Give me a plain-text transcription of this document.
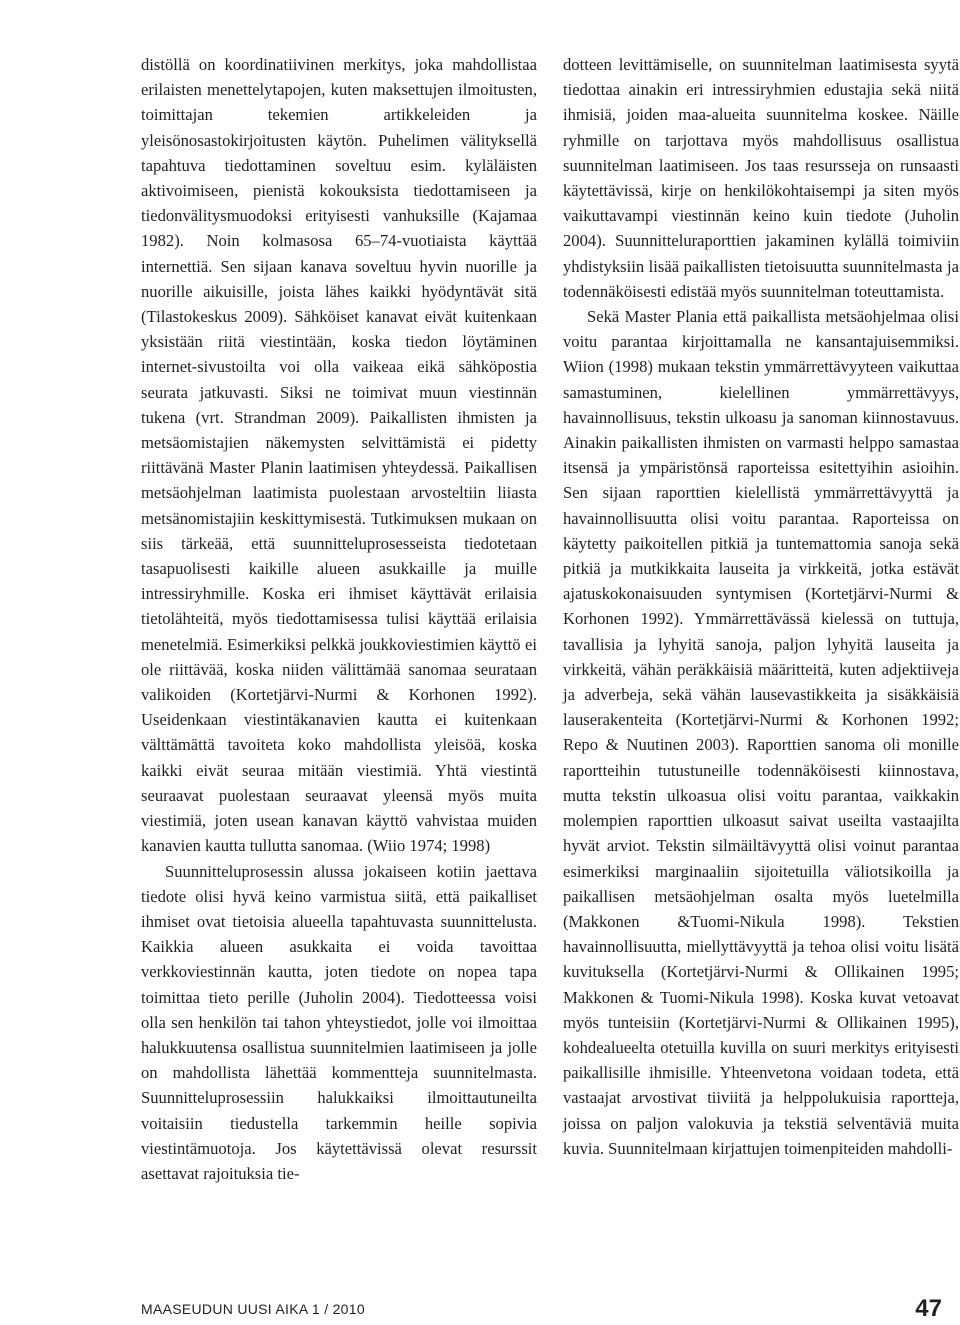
distöllä on koordinatiivinen merkitys, joka mahdollistaa erilaisten menettelytapojen, kuten maksettujen ilmoitusten, toimittajan tekemien artikkeleiden ja yleisönosastokirjoitusten käytön. Puhelimen välityksellä tapahtuva tiedottaminen soveltuu esim. kyläläisten aktivoimiseen, pienistä kokouksista tiedottamiseen ja tiedonvälitysmuodoksi erityisesti vanhuksille (Kajamaa 1982). Noin kolmasosa 65–74-vuotiaista käyttää internettiä. Sen sijaan kanava soveltuu hyvin nuorille ja nuorille aikuisille, joista lähes kaikki hyödyntävät sitä (Tilastokeskus 2009). Sähköiset kanavat eivät kuitenkaan yksistään riitä viestintään, koska tiedon löytäminen internet-sivustoilta voi olla vaikeaa eikä sähköpostia seurata jatkuvasti. Siksi ne toimivat muun viestinnän tukena (vrt. Strandman 2009). Paikallisten ihmisten ja metsäomistajien näkemysten selvittämistä ei pidetty riittävänä Master Planin laatimisen yhteydessä. Paikallisen metsäohjelman laatimista puolestaan arvosteltiin liiasta metsänomistajiin keskittymisestä. Tutkimuksen mukaan on siis tärkeää, että suunnitteluprosesseista tiedotetaan tasapuolisesti kaikille alueen asukkaille ja muille intressiryhmille. Koska eri ihmiset käyttävät erilaisia tietolähteitä, myös tiedottamisessa tulisi käyttää erilaisia menetelmiä. Esimerkiksi pelkkä joukkoviestimien käyttö ei ole riittävää, koska niiden välittämää sanomaa seurataan valikoiden (Kortetjärvi-Nurmi & Korhonen 1992). Useidenkaan viestintäkanavien kautta ei kuitenkaan välttämättä tavoiteta koko mahdollista yleisöä, koska kaikki eivät seuraa mitään viestimiä. Yhtä viestintä seuraavat puolestaan seuraavat yleensä myös muita viestimiä, joten usean kanavan käyttö vahvistaa muiden kanavien kautta tullutta sanomaa. (Wiio 1974; 1998)

Suunnitteluprosessin alussa jokaiseen kotiin jaettava tiedote olisi hyvä keino varmistua siitä, että paikalliset ihmiset ovat tietoisia alueella tapahtuvasta suunnittelusta. Kaikkia alueen asukkaita ei voida tavoittaa verkkoviestinnän kautta, joten tiedote on nopea tapa toimittaa tieto perille (Juholin 2004). Tiedotteessa voisi olla sen henkilön tai tahon yhteystiedot, jolle voi ilmoittaa halukkuutensa osallistua suunnitelmien laatimiseen ja jolle on mahdollista lähettää kommentteja suunnitelmasta. Suunnitteluprosessiin halukkaiksi ilmoittautuneilta voitaisiin tiedustella tarkemmin heille sopivia viestintämuotoja. Jos käytettävissä olevat resurssit asettavat rajoituksia tie-

dotteen levittämiselle, on suunnitelman laatimisesta syytä tiedottaa ainakin eri intressiryhmien edustajia sekä niitä ihmisiä, joiden maa-alueita suunnitelma koskee. Näille ryhmille on tarjottava myös mahdollisuus osallistua suunnitelman laatimiseen. Jos taas resursseja on runsaasti käytettävissä, kirje on henkilökohtaisempi ja siten myös vaikuttavampi viestinnän keino kuin tiedote (Juholin 2004). Suunnitteluraporttien jakaminen kylällä toimiviin yhdistyksiin lisää paikallisten tietoisuutta suunnitelmasta ja todennäköisesti edistää myös suunnitelman toteuttamista.

Sekä Master Plania että paikallista metsäohjelmaa olisi voitu parantaa kirjoittamalla ne kansantajuisemmiksi. Wiion (1998) mukaan tekstin ymmärrettävyyteen vaikuttaa samastuminen, kielellinen ymmärrettävyys, havainnollisuus, tekstin ulkoasu ja sanoman kiinnostavuus. Ainakin paikallisten ihmisten on varmasti helppo samastaa itsensä ja ympäristönsä raporteissa esitettyihin asioihin. Sen sijaan raporttien kielellistä ymmärrettävyyttä ja havainnollisuutta olisi voitu parantaa. Raporteissa on käytetty paikoitellen pitkiä ja tuntemattomia sanoja sekä pitkiä ja mutkikkaita lauseita ja virkkeitä, jotka estävät ajatuskokonaisuuden syntymisen (Kortetjärvi-Nurmi & Korhonen 1992). Ymmärrettävässä kielessä on tuttuja, tavallisia ja lyhyitä sanoja, paljon lyhyitä lauseita ja virkkeitä, vähän peräkkäisiä määritteitä, kuten adjektiiveja ja adverbeja, sekä vähän lausevastikkeita ja sisäkkäisiä lauserakenteita (Kortetjärvi-Nurmi & Korhonen 1992; Repo & Nuutinen 2003). Raporttien sanoma oli monille raportteihin tutustuneille todennäköisesti kiinnostava, mutta tekstin ulkoasua olisi voitu parantaa, vaikkakin molempien raporttien ulkoasut saivat useilta vastaajilta hyvät arviot. Tekstin silmäiltävyyttä olisi voinut parantaa esimerkiksi marginaaliin sijoitetuilla väliotsikoilla ja paikallisen metsäohjelman osalta myös luetelmilla (Makkonen &Tuomi-Nikula 1998). Tekstien havainnollisuutta, miellyttävyyttä ja tehoa olisi voitu lisätä kuvituksella (Kortetjärvi-Nurmi & Ollikainen 1995; Makkonen & Tuomi-Nikula 1998). Koska kuvat vetoavat myös tunteisiin (Kortetjärvi-Nurmi & Ollikainen 1995), kohdealueelta otetuilla kuvilla on suuri merkitys erityisesti paikallisille ihmisille. Yhteenvetona voidaan todeta, että vastaajat arvostivat tiiviitä ja helppolukuisia raportteja, joissa on paljon valokuvia ja tekstiä selventäviä muita kuvia. Suunnitelmaan kirjattujen toimenpiteiden mahdolli-

MAASEUDUN UUSI AIKA 1 / 2010	47
